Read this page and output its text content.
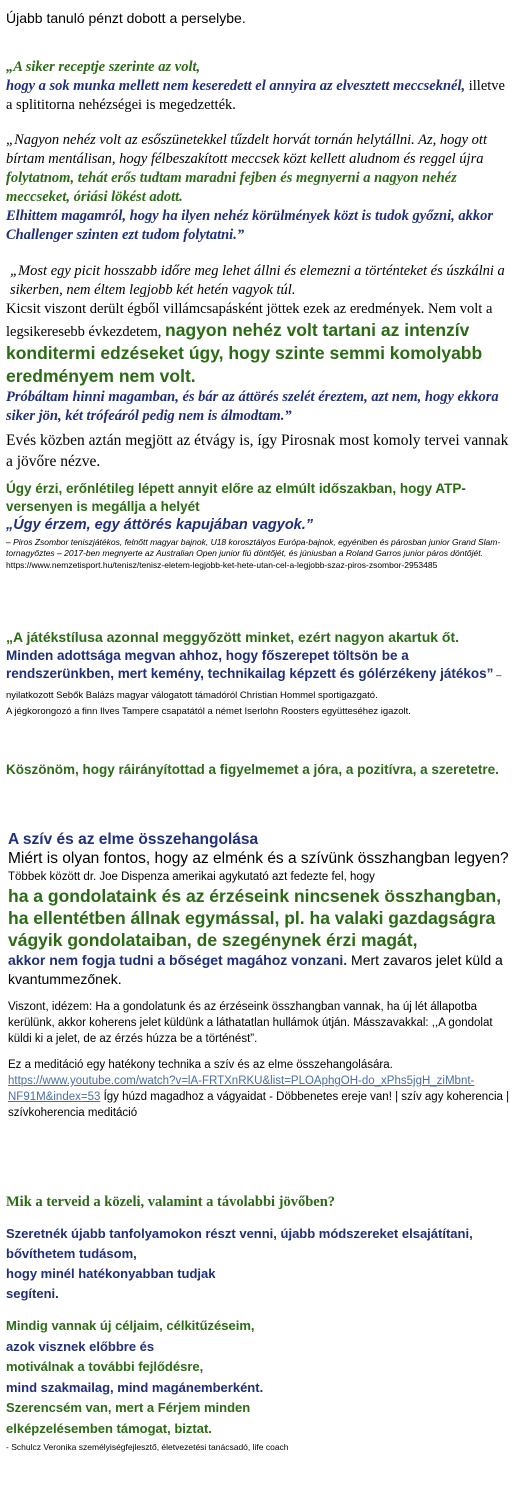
Újabb tanuló pénzt dobott a perselybe.

„A siker receptje szerinte az volt,
hogy a sok munka mellett nem keseredett el annyira az elvesztett meccseknél, illetve a splititorna nehézségei is megedzették.

„Nagyon nehéz volt az esőszünetekkel tűzdelt horvát tornán helytállni. Az, hogy ott bírtam mentálisan, hogy félbeszakított meccsek közt kellett aludnom és reggel újra folytatnom, tehát erős tudtam maradni fejben és megnyerni a nagyon nehéz meccseket, óriási lökést adott.
Elhittem magamról, hogy ha ilyen nehéz körülmények közt is tudok győzni, akkor Challenger szinten ezt tudom folytatni.”

„Most egy picit hosszabb időre meg lehet állni és elemezni a történteket és úszkálni a sikerben, nem éltem legjobb két hetén vagyok túl.

Kicsit viszont derült égből villámcsapásként jöttek ezek az eredmények. Nem volt a legsikeresebb évkezdetem, nagyon nehéz volt tartani az intenzív konditermi edzéseket úgy, hogy szinte semmi komolyabb eredményem nem volt.

Próbáltam hinni magamban, és bár az áttörés szelét éreztem, azt nem, hogy ekkora siker jön, két trófeáról pedig nem is álmodtam.”

Evés közben aztán megjött az étvágy is, így Pirosnak most komoly tervei vannak a jövőre nézve.

Úgy érzi, erőnlétileg lépett annyit előre az elmúlt időszakban, hogy ATP-versenyen is megállja a helyét

„Úgy érzem, egy áttörés kapujában vagyok.”

– Piros Zsombor teniszjátékos, felnőtt magyar bajnok, U18 korosztályos Európa-bajnok, egyéniben és párosban junior Grand Slam-tornagyőztes – 2017-ben megnyerte az Australian Open junior fiú döntőjét, és júniusban a Roland Garros junior páros döntőjét.

https://www.nemzetisport.hu/tenisz/tenisz-eletem-legjobb-ket-hete-utan-cel-a-legjobb-szaz-piros-zsombor-2953485

„A játékstílusa azonnal meggyőzött minket, ezért nagyon akartuk őt.

Minden adottsága megvan ahhoz, hogy főszerepet töltsön be a rendszerünkben, mert kemény, technikailag képzett és gólérzékeny játékos” – nyilatkozott Sebők Balázs magyar válogatott támadóról Christian Hommel sportigazgató.

A jégkorongozó a finn Ilves Tampere csapatától a német Iserlohn Roosters együtteséhez igazolt.

Köszönöm, hogy ráirányítottad a figyelmemet a jóra, a pozitívra, a szeretetre.

A szív és az elme összehangolása

Miért is olyan fontos, hogy az elménk és a szívünk összhangban legyen?

Többek között dr. Joe Dispenza amerikai agykutató azt fedezte fel, hogy

ha a gondolataink és az érzéseink nincsenek összhangban, ha ellentétben állnak egymással, pl. ha valaki gazdagságra vágyik gondolataiban, de szegénynek érzi magát,

akkor nem fogja tudni a bőséget magához vonzani. Mert zavaros jelet küld a kvantummezőnek.

Viszont, idézem: Ha a gondolatunk és az érzéseink összhangban vannak, ha új lét állapotba kerülünk, akkor koherens jelet küldünk a láthatatlan hullámok útján. Másszavakkal: ,,A gondolat küldi ki a jelet, de az érzés húzza be a történést”.

Ez a meditáció egy hatékony technika a szív és az elme összehangolására.

https://www.youtube.com/watch?v=lA-FRTXnRKU&list=PLOAphgOH-do_xPhs5jgH_ziMbnt-NF91M&index=53 Így húzd magadhoz a vágyaidat - Döbbenetes ereje van! | szív agy koherencia | szívkoherencia meditáció

Mik a terveid a közeli, valamint a távolabbi jövőben?

Szeretnék újabb tanfolyamokon részt venni, újabb módszereket elsajátítani, bővíthetem tudásom,

hogy minél hatékonyabban tudjak

segíteni.

Mindig vannak új céljaim, célkitűzéseim,

azok visznek előbbre és

motiválnak a további fejlődésre,

mind szakmailag, mind magánemberként.

Szerencsém van, mert a Férjem minden

elképzelésemben támogat, biztat.

- Schulcz Veronika személyiségfejlesztő, életvezetési tanácsadó, life coach
